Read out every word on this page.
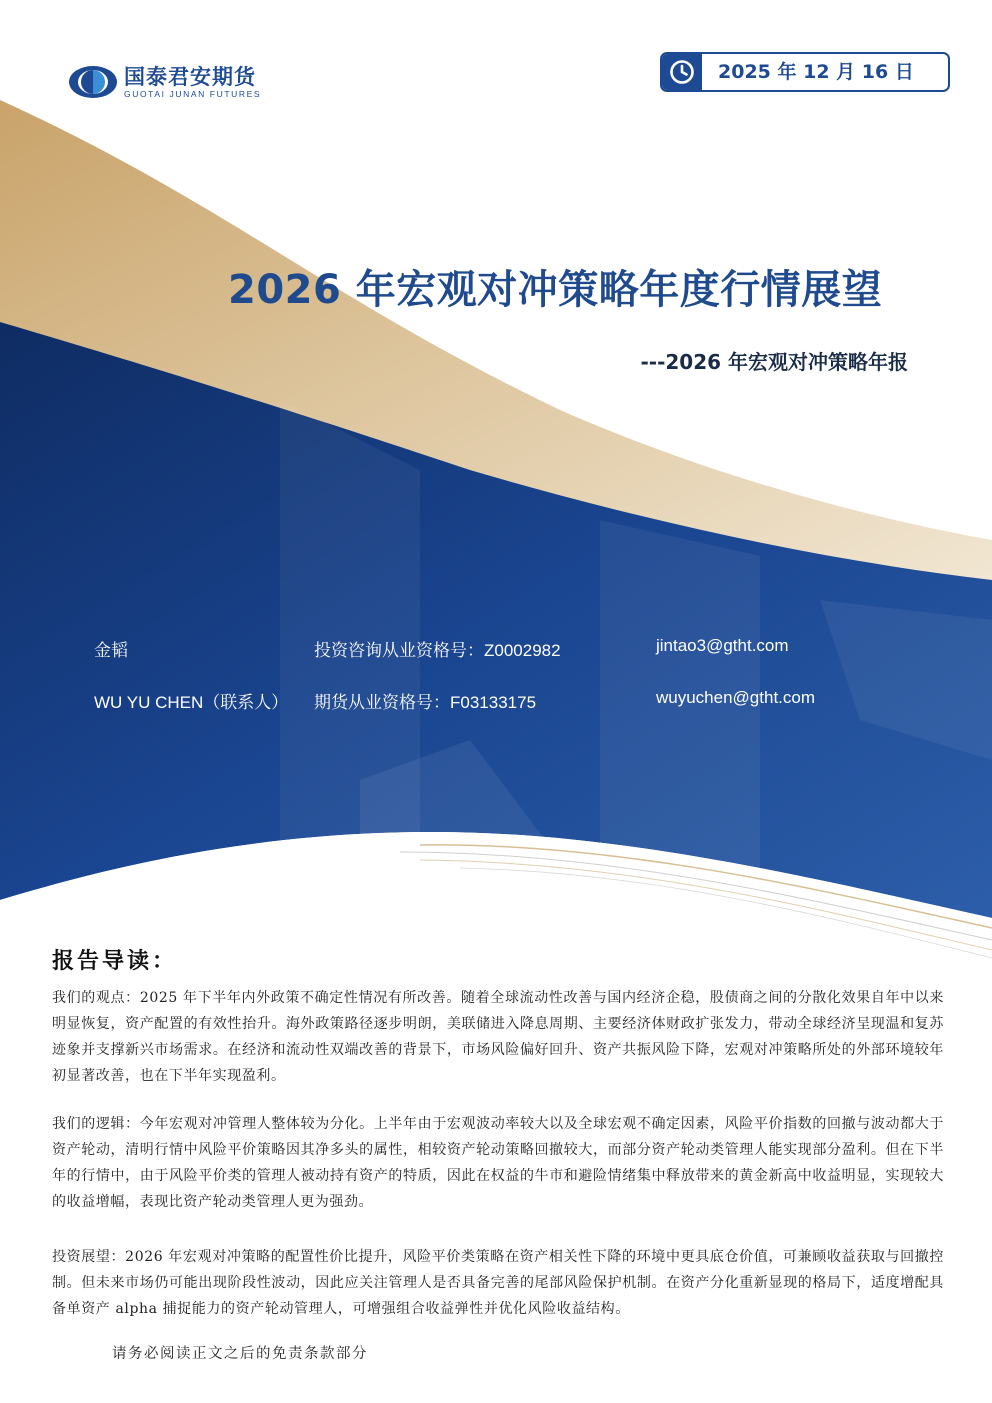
国泰君安期货
GUOTAI JUNAN FUTURES
2025 年 12 月 16 日
2026 年宏观对冲策略年度行情展望
---2026 年宏观对冲策略年报
金韬	投资咨询从业资格号：Z0002982	jintao3@gtht.com
WU YU CHEN（联系人） 期货从业资格号：F03133175	wuyuchen@gtht.com
报告导读：
我们的观点：2025 年下半年内外政策不确定性情况有所改善。随着全球流动性改善与国内经济企稳，股债商之间的分散化效果自年中以来明显恢复，资产配置的有效性抬升。海外政策路径逐步明朗，美联储进入降息周期、主要经济体财政扩张发力，带动全球经济呈现温和复苏迹象并支撑新兴市场需求。在经济和流动性双端改善的背景下，市场风险偏好回升、资产共振风险下降，宏观对冲策略所处的外部环境较年初显著改善，也在下半年实现盈利。
我们的逻辑：今年宏观对冲管理人整体较为分化。上半年由于宏观波动率较大以及全球宏观不确定因素，风险平价指数的回撤与波动都大于资产轮动，清明行情中风险平价策略因其净多头的属性，相较资产轮动策略回撤较大，而部分资产轮动类管理人能实现部分盈利。但在下半年的行情中，由于风险平价类的管理人被动持有资产的特质，因此在权益的牛市和避险情绪集中释放带来的黄金新高中收益明显，实现较大的收益增幅，表现比资产轮动类管理人更为强劲。
投资展望：2026 年宏观对冲策略的配置性价比提升，风险平价类策略在资产相关性下降的环境中更具底仓价值，可兼顾收益获取与回撤控制。但未来市场仍可能出现阶段性波动，因此应关注管理人是否具备完善的尾部风险保护机制。在资产分化重新显现的格局下，适度增配具备单资产 alpha 捕捉能力的资产轮动管理人，可增强组合收益弹性并优化风险收益结构。
请务必阅读正文之后的免责条款部分
